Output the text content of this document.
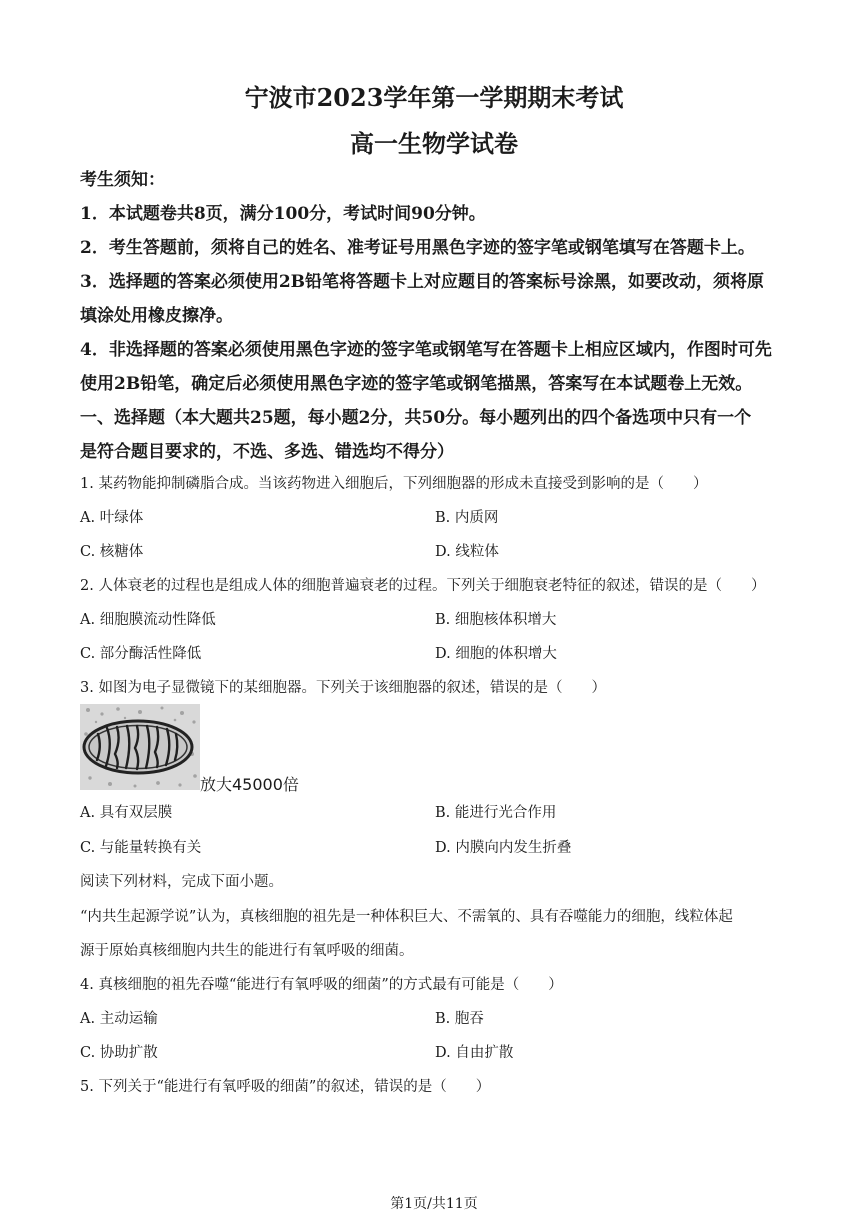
宁波市2023学年第一学期期末考试
高一生物学试卷
考生须知：
1．本试题卷共8页，满分100分，考试时间90分钟。
2．考生答题前，须将自己的姓名、准考证号用黑色字迹的签字笔或钢笔填写在答题卡上。
3．选择题的答案必须使用2B铅笔将答题卡上对应题目的答案标号涂黑，如要改动，须将原
填涂处用橡皮擦净。
4．非选择题的答案必须使用黑色字迹的签字笔或钢笔写在答题卡上相应区域内，作图时可先
使用2B铅笔，确定后必须使用黑色字迹的签字笔或钢笔描黑，答案写在本试题卷上无效。
一、选择题（本大题共25题，每小题2分，共50分。每小题列出的四个备选项中只有一个
是符合题目要求的，不选、多选、错选均不得分）
1. 某药物能抑制磷脂合成。当该药物进入细胞后，下列细胞器的形成未直接受到影响的是（　　）
A. 叶绿体	B. 内质网
C. 核糖体	D. 线粒体
2. 人体衰老的过程也是组成人体的细胞普遍衰老的过程。下列关于细胞衰老特征的叙述，错误的是（　　）
A. 细胞膜流动性降低	B. 细胞核体积增大
C. 部分酶活性降低	D. 细胞的体积增大
3. 如图为电子显微镜下的某细胞器。下列关于该细胞器的叙述，错误的是（　　）
放大45000倍
A. 具有双层膜	B. 能进行光合作用
C. 与能量转换有关	D. 内膜向内发生折叠
阅读下列材料，完成下面小题。
“内共生起源学说”认为，真核细胞的祖先是一种体积巨大、不需氧的、具有吞噬能力的细胞，线粒体起
源于原始真核细胞内共生的能进行有氧呼吸的细菌。
4. 真核细胞的祖先吞噬“能进行有氧呼吸的细菌”的方式最有可能是（　　）
A. 主动运输	B. 胞吞
C. 协助扩散	D. 自由扩散
5. 下列关于“能进行有氧呼吸的细菌”的叙述，错误的是（　　）
第1页/共11页
